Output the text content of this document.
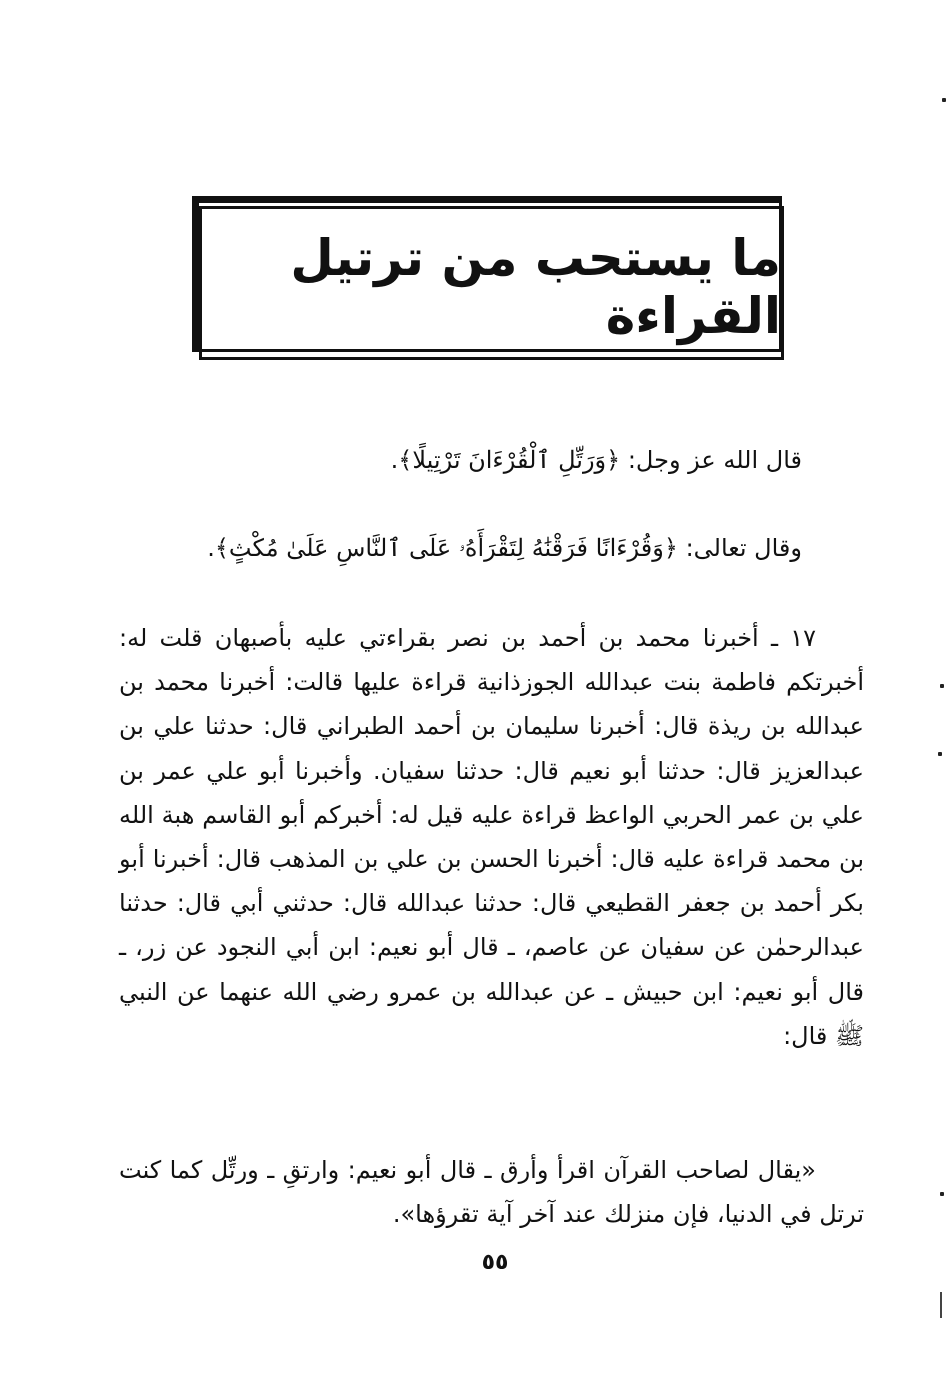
ما يستحب من ترتيل القراءة
قال الله عز وجل: ﴿وَرَتِّلِ ٱلْقُرْءَانَ تَرْتِيلًا﴾.
وقال تعالى: ﴿وَقُرْءَانًا فَرَقْنَٰهُ لِتَقْرَأَهُۥ عَلَى ٱلنَّاسِ عَلَىٰ مُكْثٍ﴾.
١٧ ـ أخبرنا محمد بن أحمد بن نصر بقراءتي عليه بأصبهان قلت له: أخبرتكم فاطمة بنت عبدالله الجوزذانية قراءة عليها قالت: أخبرنا محمد بن عبدالله بن ريذة قال: أخبرنا سليمان بن أحمد الطبراني قال: حدثنا علي بن عبدالعزيز قال: حدثنا أبو نعيم قال: حدثنا سفيان. وأخبرنا أبو علي عمر بن علي بن عمر الحربي الواعظ قراءة عليه قيل له: أخبركم أبو القاسم هبة الله بن محمد قراءة عليه قال: أخبرنا الحسن بن علي بن المذهب قال: أخبرنا أبو بكر أحمد بن جعفر القطيعي قال: حدثنا عبدالله قال: حدثني أبي قال: حدثنا عبدالرحمٰن عن سفيان عن عاصم، ـ قال أبو نعيم: ابن أبي النجود عن زر، ـ قال أبو نعيم: ابن حبيش ـ عن عبدالله بن عمرو رضي الله عنهما عن النبي ﷺ قال:
«يقال لصاحب القرآن اقرأ وأرق ـ قال أبو نعيم: وارتقِ ـ ورتِّل كما كنت ترتل في الدنيا، فإن منزلك عند آخر آية تقرؤها».
٥٥
